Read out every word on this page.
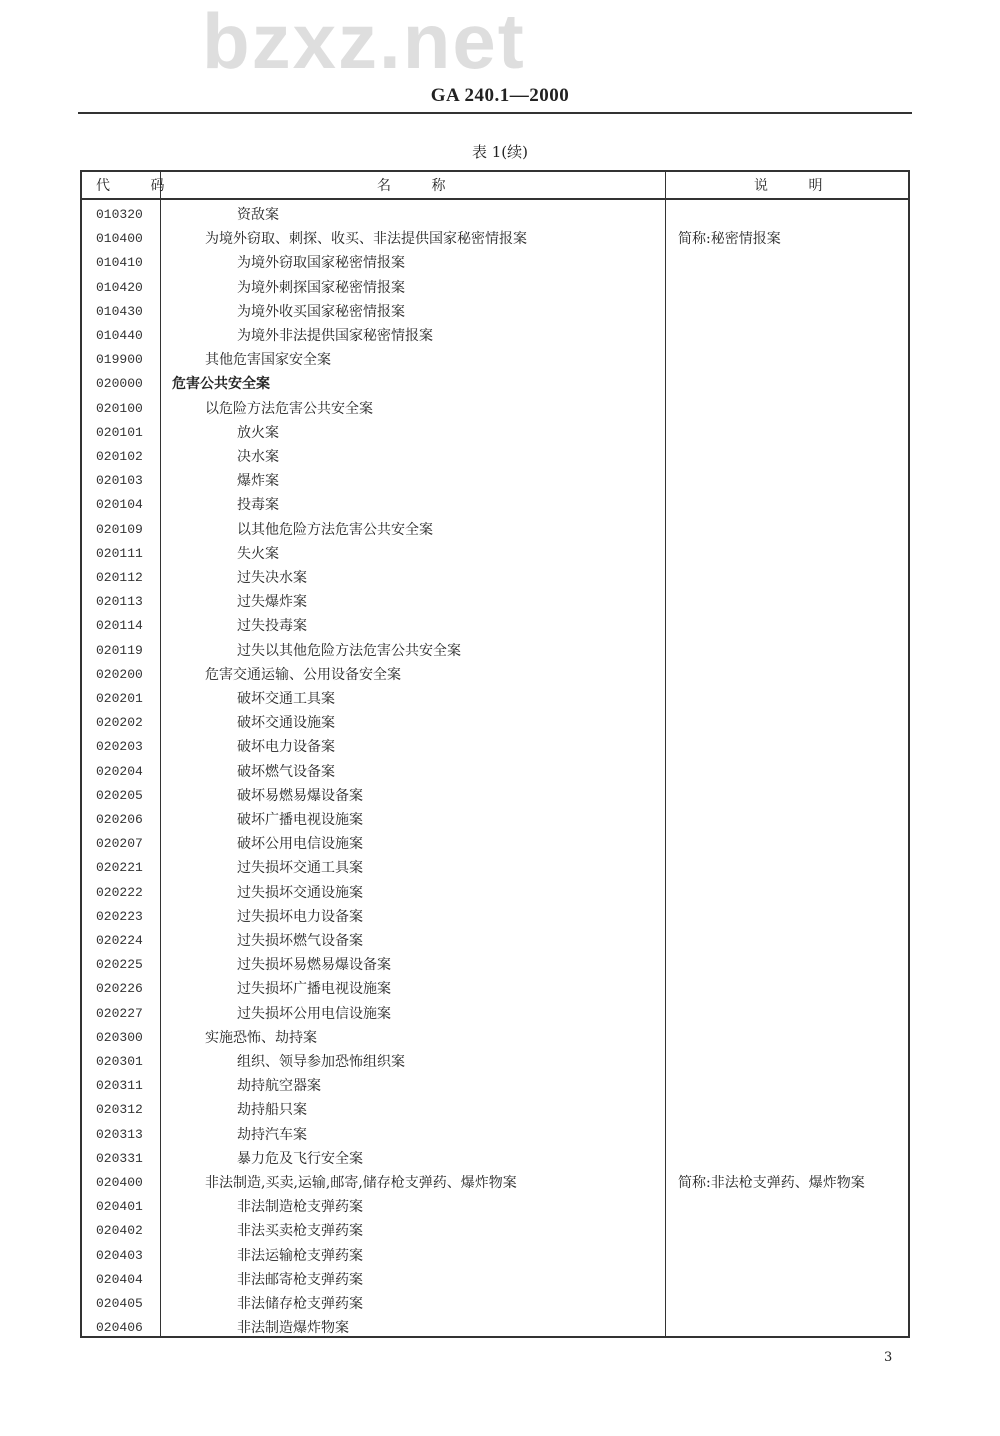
bzxz.net
GA 240.1—2000
表 1(续)
代 码	名 称	说 明
010320	资敌案
010400	为境外窃取、刺探、收买、非法提供国家秘密情报案	简称:秘密情报案
010410	为境外窃取国家秘密情报案
010420	为境外刺探国家秘密情报案
010430	为境外收买国家秘密情报案
010440	为境外非法提供国家秘密情报案
019900	其他危害国家安全案
020000 危害公共安全案
020100	以危险方法危害公共安全案
020101	放火案
020102	决水案
020103	爆炸案
020104	投毒案
020109	以其他危险方法危害公共安全案
020111	失火案
020112	过失决水案
020113	过失爆炸案
020114	过失投毒案
020119	过失以其他危险方法危害公共安全案
020200	危害交通运输、公用设备安全案
020201	破坏交通工具案
020202	破坏交通设施案
020203	破坏电力设备案
020204	破坏燃气设备案
020205	破坏易燃易爆设备案
020206	破坏广播电视设施案
020207	破坏公用电信设施案
020221	过失损坏交通工具案
020222	过失损坏交通设施案
020223	过失损坏电力设备案
020224	过失损坏燃气设备案
020225	过失损坏易燃易爆设备案
020226	过失损坏广播电视设施案
020227	过失损坏公用电信设施案
020300	实施恐怖、劫持案
020301	组织、领导参加恐怖组织案
020311	劫持航空器案
020312	劫持船只案
020313	劫持汽车案
020331	暴力危及飞行安全案
020400	非法制造,买卖,运输,邮寄,储存枪支弹药、爆炸物案	简称:非法枪支弹药、爆炸物案
020401	非法制造枪支弹药案
020402	非法买卖枪支弹药案
020403	非法运输枪支弹药案
020404	非法邮寄枪支弹药案
020405	非法储存枪支弹药案
020406	非法制造爆炸物案
3
